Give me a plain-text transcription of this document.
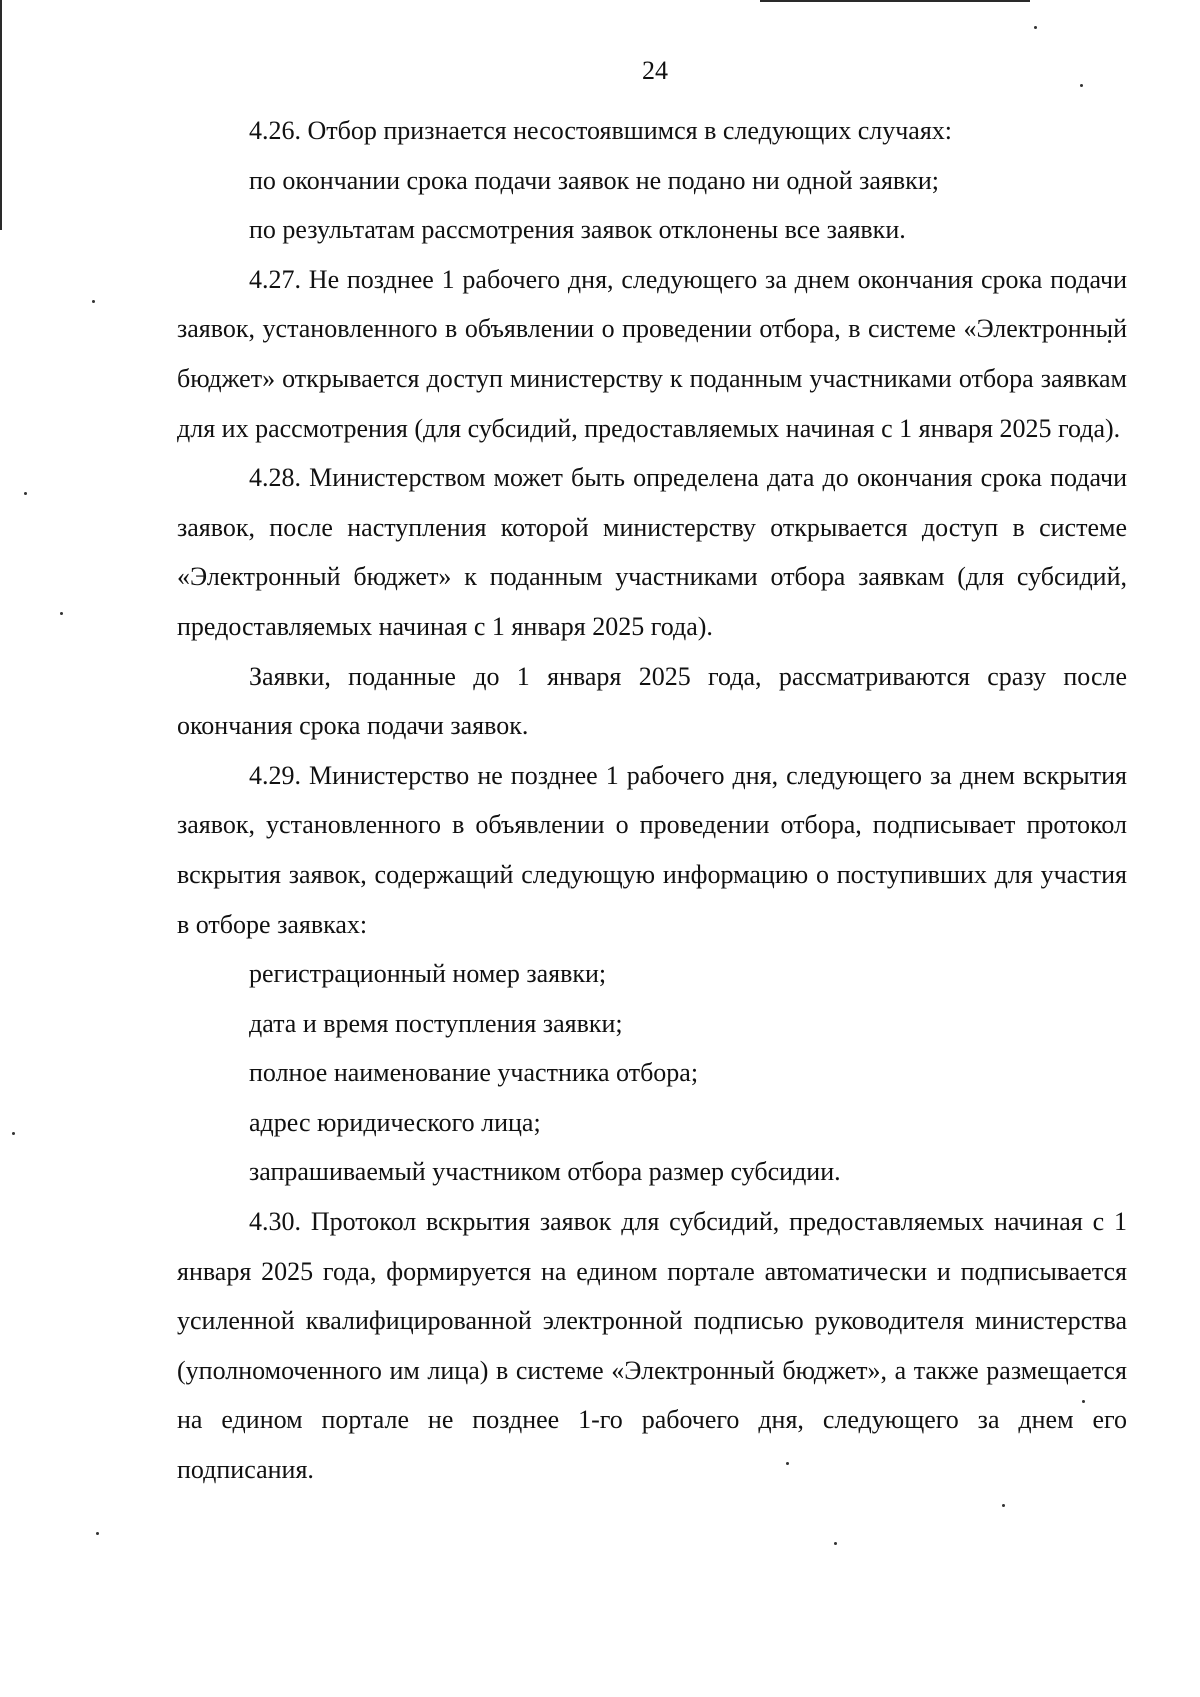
24

4.26. Отбор признается несостоявшимся в следующих случаях:

по окончании срока подачи заявок не подано ни одной заявки;

по результатам рассмотрения заявок отклонены все заявки.

4.27. Не позднее 1 рабочего дня, следующего за днем окончания срока подачи заявок, установленного в объявлении о проведении отбора, в системе «Электронный бюджет» открывается доступ министерству к поданным участниками отбора заявкам для их рассмотрения (для субсидий, предоставляемых начиная с 1 января 2025 года).

4.28. Министерством может быть определена дата до окончания срока подачи заявок, после наступления которой министерству открывается доступ в системе «Электронный бюджет» к поданным участниками отбора заявкам (для субсидий, предоставляемых начиная с 1 января 2025 года).

Заявки, поданные до 1 января 2025 года, рассматриваются сразу после окончания срока подачи заявок.

4.29. Министерство не позднее 1 рабочего дня, следующего за днем вскрытия заявок, установленного в объявлении о проведении отбора, подписывает протокол вскрытия заявок, содержащий следующую информацию о поступивших для участия в отборе заявках:

регистрационный номер заявки;

дата и время поступления заявки;

полное наименование участника отбора;

адрес юридического лица;

запрашиваемый участником отбора размер субсидии.

4.30. Протокол вскрытия заявок для субсидий, предоставляемых начиная с 1 января 2025 года, формируется на едином портале автоматически и подписывается усиленной квалифицированной электронной подписью руководителя министерства (уполномоченного им лица) в системе «Электронный бюджет», а также размещается на едином портале не позднее 1-го рабочего дня, следующего за днем его подписания.
